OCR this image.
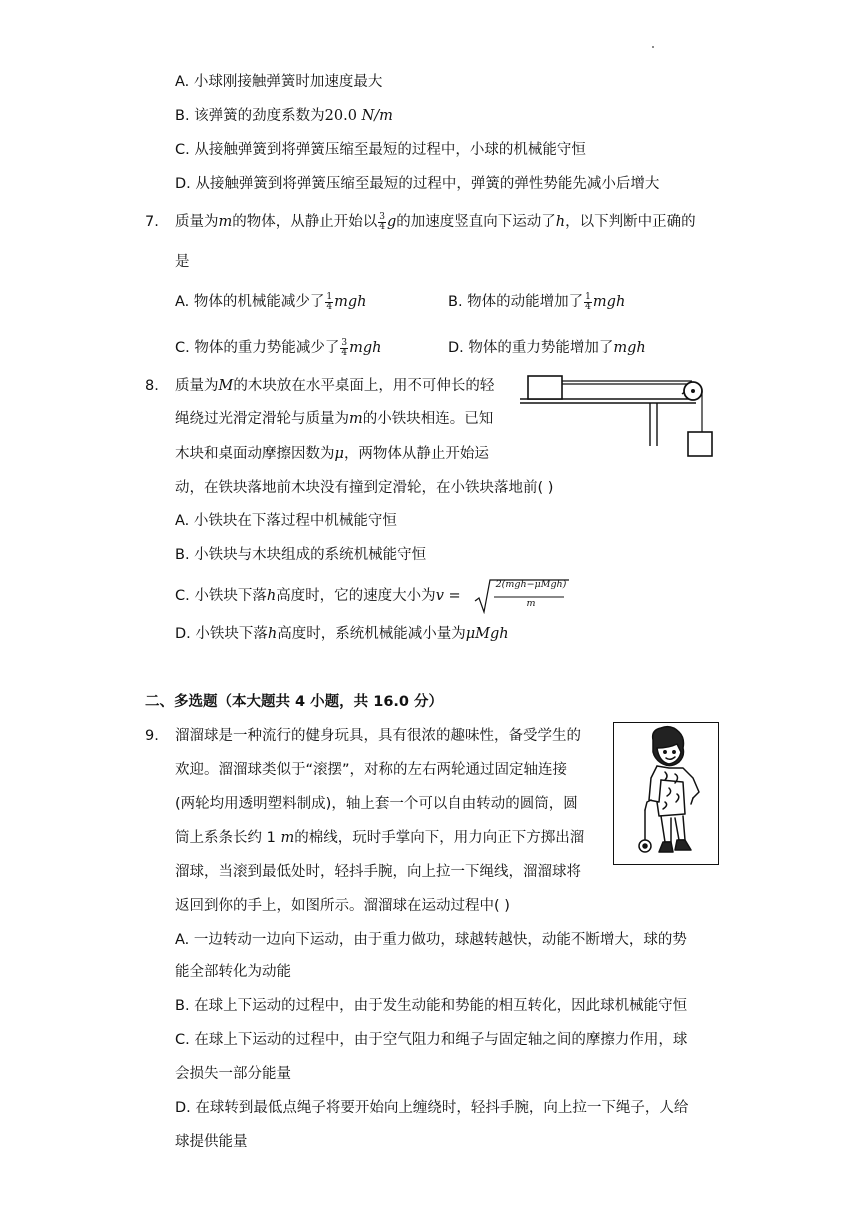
A. 小球刚接触弹簧时加速度最大
B. 该弹簧的劲度系数为20.0 N/m
C. 从接触弹簧到将弹簧压缩至最短的过程中，小球的机械能守恒
D. 从接触弹簧到将弹簧压缩至最短的过程中，弹簧的弹性势能先减小后增大
7. 质量为m的物体，从静止开始以 $\frac{3}{4}$ g的加速度竖直向下运动了h，以下判断中正确的
是
A. 物体的机械能减少了 $\frac{1}{4}$ mgh	B. 物体的动能增加了 $\frac{1}{4}$ mgh
C. 物体的重力势能减少了 $\frac{3}{4}$ mgh	D. 物体的重力势能增加了mgh
8. 质量为M的木块放在水平桌面上，用不可伸长的轻
绳绕过光滑定滑轮与质量为m的小铁块相连。已知
木块和桌面动摩擦因数为μ，两物体从静止开始运
动，在铁块落地前木块没有撞到定滑轮，在小铁块落地前( )
A. 小铁块在下落过程中机械能守恒
B. 小铁块与木块组成的系统机械能守恒
C. 小铁块下落h高度时，它的速度大小为v =
2(mgh−μMgh)
m
D. 小铁块下落h高度时，系统机械能减小量为μMgh
二、多选题（本大题共 4 小题，共 16.0 分）
9. 溜溜球是一种流行的健身玩具，具有很浓的趣味性，备受学生的
欢迎。溜溜球类似于“滚摆”，对称的左右两轮通过固定轴连接
(两轮均用透明塑料制成)，轴上套一个可以自由转动的圆筒，圆
筒上系条长约 1 m的棉线，玩时手掌向下，用力向正下方掷出溜
溜球，当滚到最低处时，轻抖手腕，向上拉一下绳线，溜溜球将
返回到你的手上，如图所示。溜溜球在运动过程中( )
A. 一边转动一边向下运动，由于重力做功，球越转越快，动能不断增大，球的势
能全部转化为动能
B. 在球上下运动的过程中，由于发生动能和势能的相互转化，因此球机械能守恒
C. 在球上下运动的过程中，由于空气阻力和绳子与固定轴之间的摩擦力作用，球
会损失一部分能量
D. 在球转到最低点绳子将要开始向上缠绕时，轻抖手腕，向上拉一下绳子，人给
球提供能量
